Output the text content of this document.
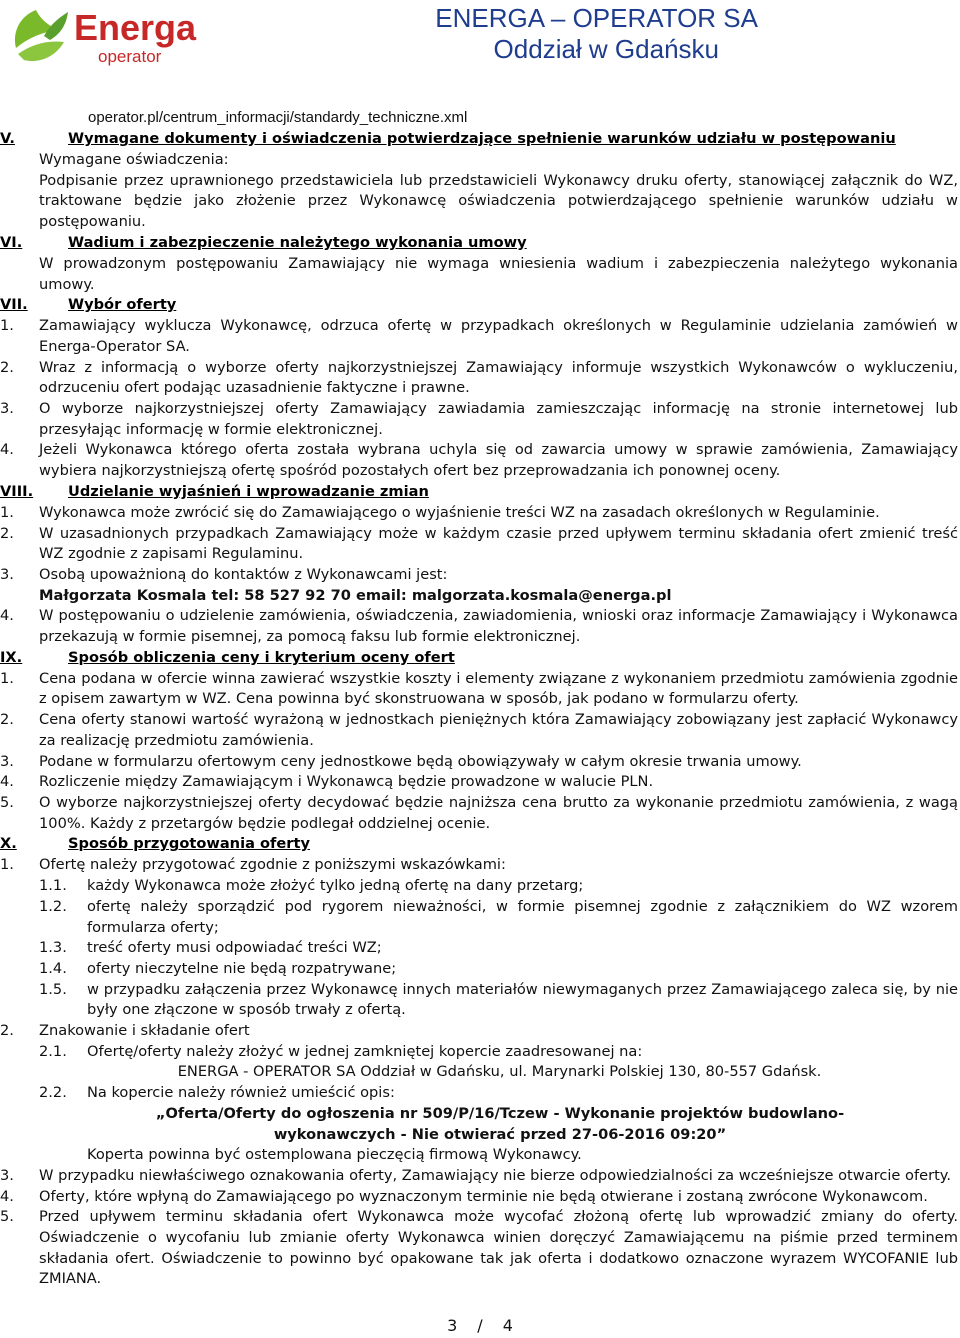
Energa
operator
ENERGA – OPERATOR SA
Oddział w Gdańsku
operator.pl/centrum_informacji/standardy_techniczne.xml
V.	Wymagane dokumenty i oświadczenia potwierdzające spełnienie warunków udziału w postępowaniu
Wymagane oświadczenia:
Podpisanie przez uprawnionego przedstawiciela lub przedstawicieli Wykonawcy druku oferty, stanowiącej załącznik do WZ, traktowane będzie jako złożenie przez Wykonawcę oświadczenia potwierdzającego spełnienie warunków udziału w postępowaniu.
VI.	Wadium i zabezpieczenie należytego wykonania umowy
W prowadzonym postępowaniu Zamawiający nie wymaga wniesienia wadium i zabezpieczenia należytego wykonania umowy.
VII.	Wybór oferty
1. Zamawiający wyklucza Wykonawcę, odrzuca ofertę w przypadkach określonych w Regulaminie udzielania zamówień w Energa-Operator SA.
2. Wraz z informacją o wyborze oferty najkorzystniejszej Zamawiający informuje wszystkich Wykonawców o wykluczeniu, odrzuceniu ofert podając uzasadnienie faktyczne i prawne.
3. O wyborze najkorzystniejszej oferty Zamawiający zawiadamia zamieszczając informację na stronie internetowej lub przesyłając informację w formie elektronicznej.
4. Jeżeli Wykonawca którego oferta została wybrana uchyla się od zawarcia umowy w sprawie zamówienia, Zamawiający wybiera najkorzystniejszą ofertę spośród pozostałych ofert bez przeprowadzania ich ponownej oceny.
VIII. Udzielanie wyjaśnień i wprowadzanie zmian
1. Wykonawca może zwrócić się do Zamawiającego o wyjaśnienie treści WZ na zasadach określonych w Regulaminie.
2. W uzasadnionych przypadkach Zamawiający może w każdym czasie przed upływem terminu składania ofert zmienić treść WZ zgodnie z zapisami Regulaminu.
3. Osobą upoważnioną do kontaktów z Wykonawcami jest:
Małgorzata Kosmala tel: 58 527 92 70 email: malgorzata.kosmala@energa.pl
4. W postępowaniu o udzielenie zamówienia, oświadczenia, zawiadomienia, wnioski oraz informacje Zamawiający i Wykonawca przekazują w formie pisemnej, za pomocą faksu lub formie elektronicznej.
IX.	Sposób obliczenia ceny i kryterium oceny ofert
1. Cena podana w ofercie winna zawierać wszystkie koszty i elementy związane z wykonaniem przedmiotu zamówienia zgodnie z opisem zawartym w WZ. Cena powinna być skonstruowana w sposób, jak podano w formularzu oferty.
2. Cena oferty stanowi wartość wyrażoną w jednostkach pieniężnych która Zamawiający zobowiązany jest zapłacić Wykonawcy za realizację przedmiotu zamówienia.
3. Podane w formularzu ofertowym ceny jednostkowe będą obowiązywały w całym okresie trwania umowy.
4. Rozliczenie między Zamawiającym i Wykonawcą będzie prowadzone w walucie PLN.
5. O wyborze najkorzystniejszej oferty decydować będzie najniższa cena brutto za wykonanie przedmiotu zamówienia, z wagą 100%. Każdy z przetargów będzie podlegał oddzielnej ocenie.
X.	Sposób przygotowania oferty
1. Ofertę należy przygotować zgodnie z poniższymi wskazówkami:
1.1. każdy Wykonawca może złożyć tylko jedną ofertę na dany przetarg;
1.2. ofertę należy sporządzić pod rygorem nieważności, w formie pisemnej zgodnie z załącznikiem do WZ wzorem formularza oferty;
1.3. treść oferty musi odpowiadać treści WZ;
1.4. oferty nieczytelne nie będą rozpatrywane;
1.5. w przypadku załączenia przez Wykonawcę innych materiałów niewymaganych przez Zamawiającego zaleca się, by nie były one złączone w sposób trwały z ofertą.
2. Znakowanie i składanie ofert
2.1. Ofertę/oferty należy złożyć w jednej zamkniętej kopercie zaadresowanej na:
ENERGA - OPERATOR SA Oddział w Gdańsku, ul. Marynarki Polskiej 130, 80-557 Gdańsk.
2.2. Na kopercie należy również umieścić opis:
„Oferta/Oferty do ogłoszenia nr 509/P/16/Tczew - Wykonanie projektów budowlano-wykonawczych - Nie otwierać przed 27-06-2016 09:20”
Koperta powinna być ostemplowana pieczęcią firmową Wykonawcy.
3. W przypadku niewłaściwego oznakowania oferty, Zamawiający nie bierze odpowiedzialności za wcześniejsze otwarcie oferty.
4. Oferty, które wpłyną do Zamawiającego po wyznaczonym terminie nie będą otwierane i zostaną zwrócone Wykonawcom.
5. Przed upływem terminu składania ofert Wykonawca może wycofać złożoną ofertę lub wprowadzić zmiany do oferty. Oświadczenie o wycofaniu lub zmianie oferty Wykonawca winien doręczyć Zamawiającemu na piśmie przed terminem składania ofert. Oświadczenie to powinno być opakowane tak jak oferta i dodatkowo oznaczone wyrazem WYCOFANIE lub ZMIANA.
3 / 4
